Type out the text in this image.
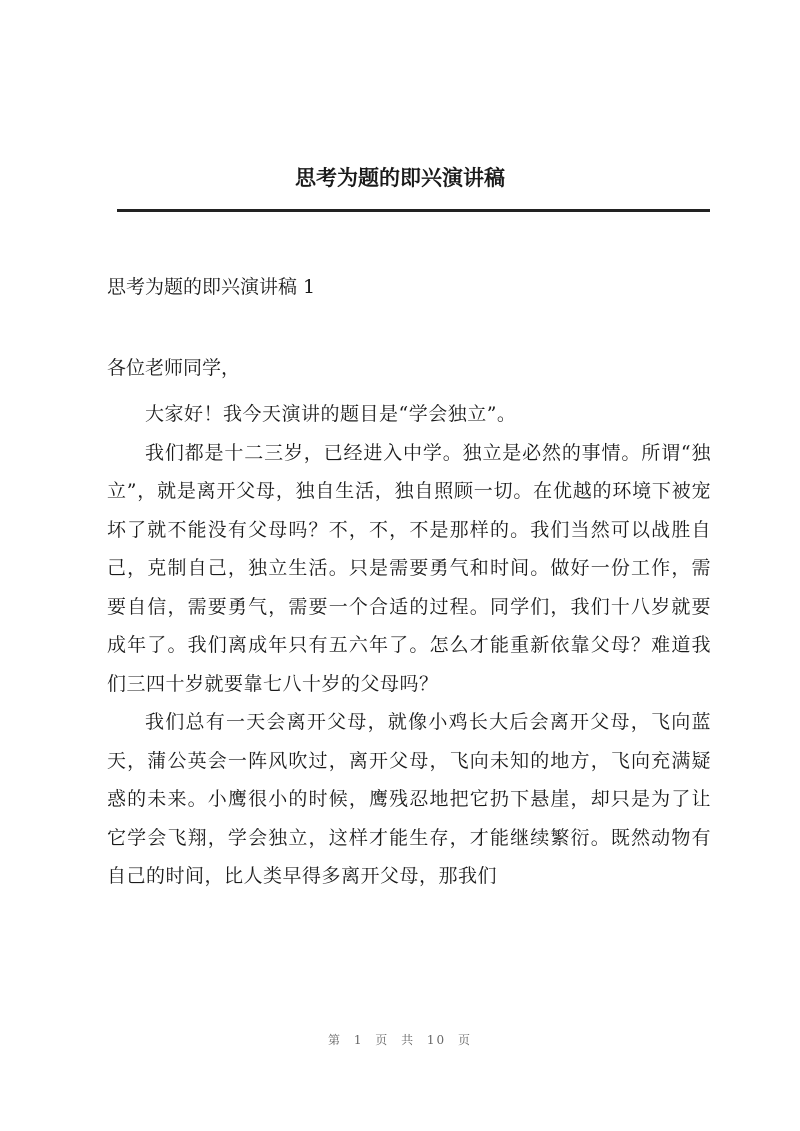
思考为题的即兴演讲稿
思考为题的即兴演讲稿 1
各位老师同学，

大家好！我今天演讲的题目是“学会独立”。

我们都是十二三岁，已经进入中学。独立是必然的事情。所谓“独立”，就是离开父母，独自生活，独自照顾一切。在优越的环境下被宠坏了就不能没有父母吗？不，不，不是那样的。我们当然可以战胜自己，克制自己，独立生活。只是需要勇气和时间。做好一份工作，需要自信，需要勇气，需要一个合适的过程。同学们，我们十八岁就要成年了。我们离成年只有五六年了。怎么才能重新依靠父母？难道我们三四十岁就要靠七八十岁的父母吗？

我们总有一天会离开父母，就像小鸡长大后会离开父母，飞向蓝天，蒲公英会一阵风吹过，离开父母，飞向未知的地方，飞向充满疑惑的未来。小鹰很小的时候，鹰残忍地把它扔下悬崖，却只是为了让它学会飞翔，学会独立，这样才能生存，才能继续繁衍。既然动物有自己的时间，比人类早得多离开父母，那我们

第 1 页 共 10 页
